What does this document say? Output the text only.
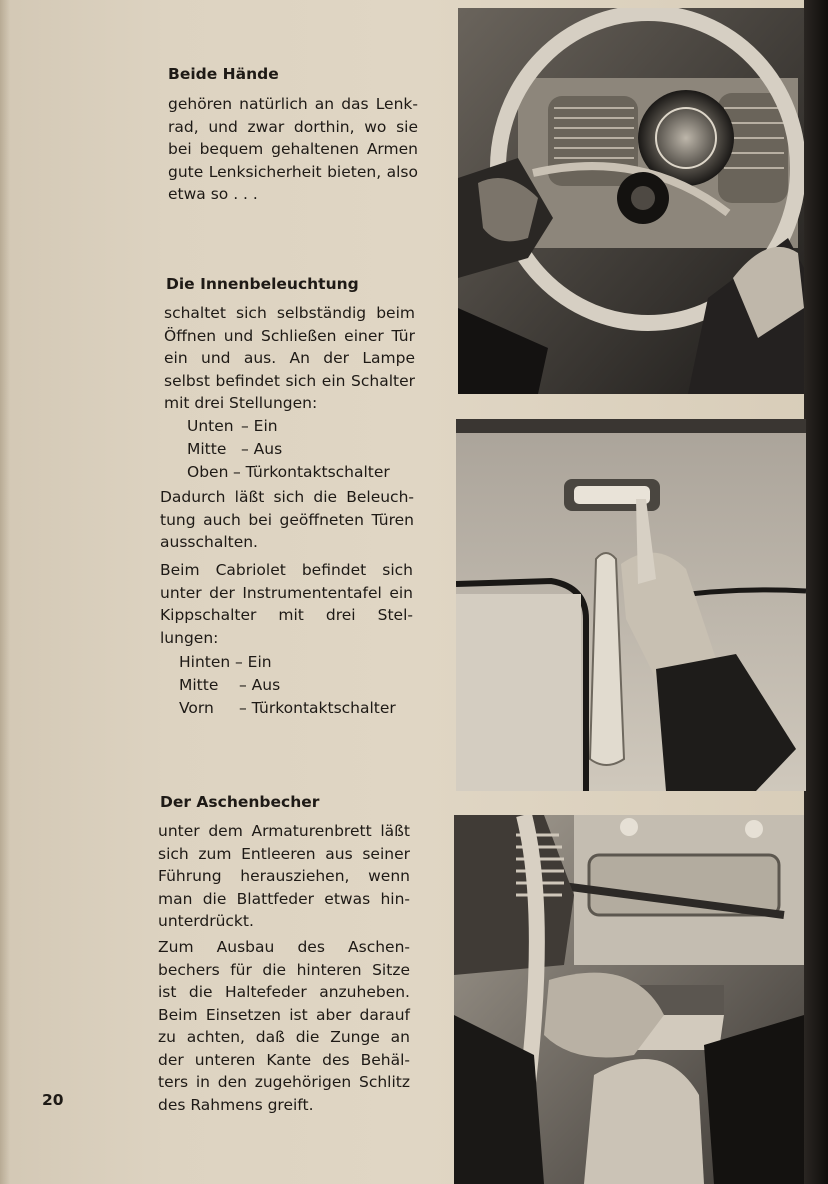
Beide Hände
gehören natürlich an das Lenk-
rad, und zwar dorthin, wo sie
bei bequem gehaltenen Armen
gute Lenksicherheit bieten, also
etwa so . . .
Die Innenbeleuchtung
schaltet sich selbständig beim
Öffnen und Schließen einer Tür
ein und aus. An der Lampe
selbst befindet sich ein Schalter
mit drei Stellungen:
Unten – Ein
Mitte – Aus
Oben – Türkontaktschalter
Dadurch läßt sich die Beleuch-
tung auch bei geöffneten Türen
ausschalten.
Beim Cabriolet befindet sich
unter der Instrumententafel ein
Kippschalter mit drei Stel-
lungen:
Hinten – Ein
Mitte – Aus
Vorn – Türkontaktschalter
Der Aschenbecher
unter dem Armaturenbrett läßt
sich zum Entleeren aus seiner
Führung herausziehen, wenn
man die Blattfeder etwas hin-
unterdrückt.
Zum Ausbau des Aschen-
bechers für die hinteren Sitze
ist die Haltefeder anzuheben.
Beim Einsetzen ist aber darauf
zu achten, daß die Zunge an
der unteren Kante des Behäl-
ters in den zugehörigen Schlitz
des Rahmens greift.
20
